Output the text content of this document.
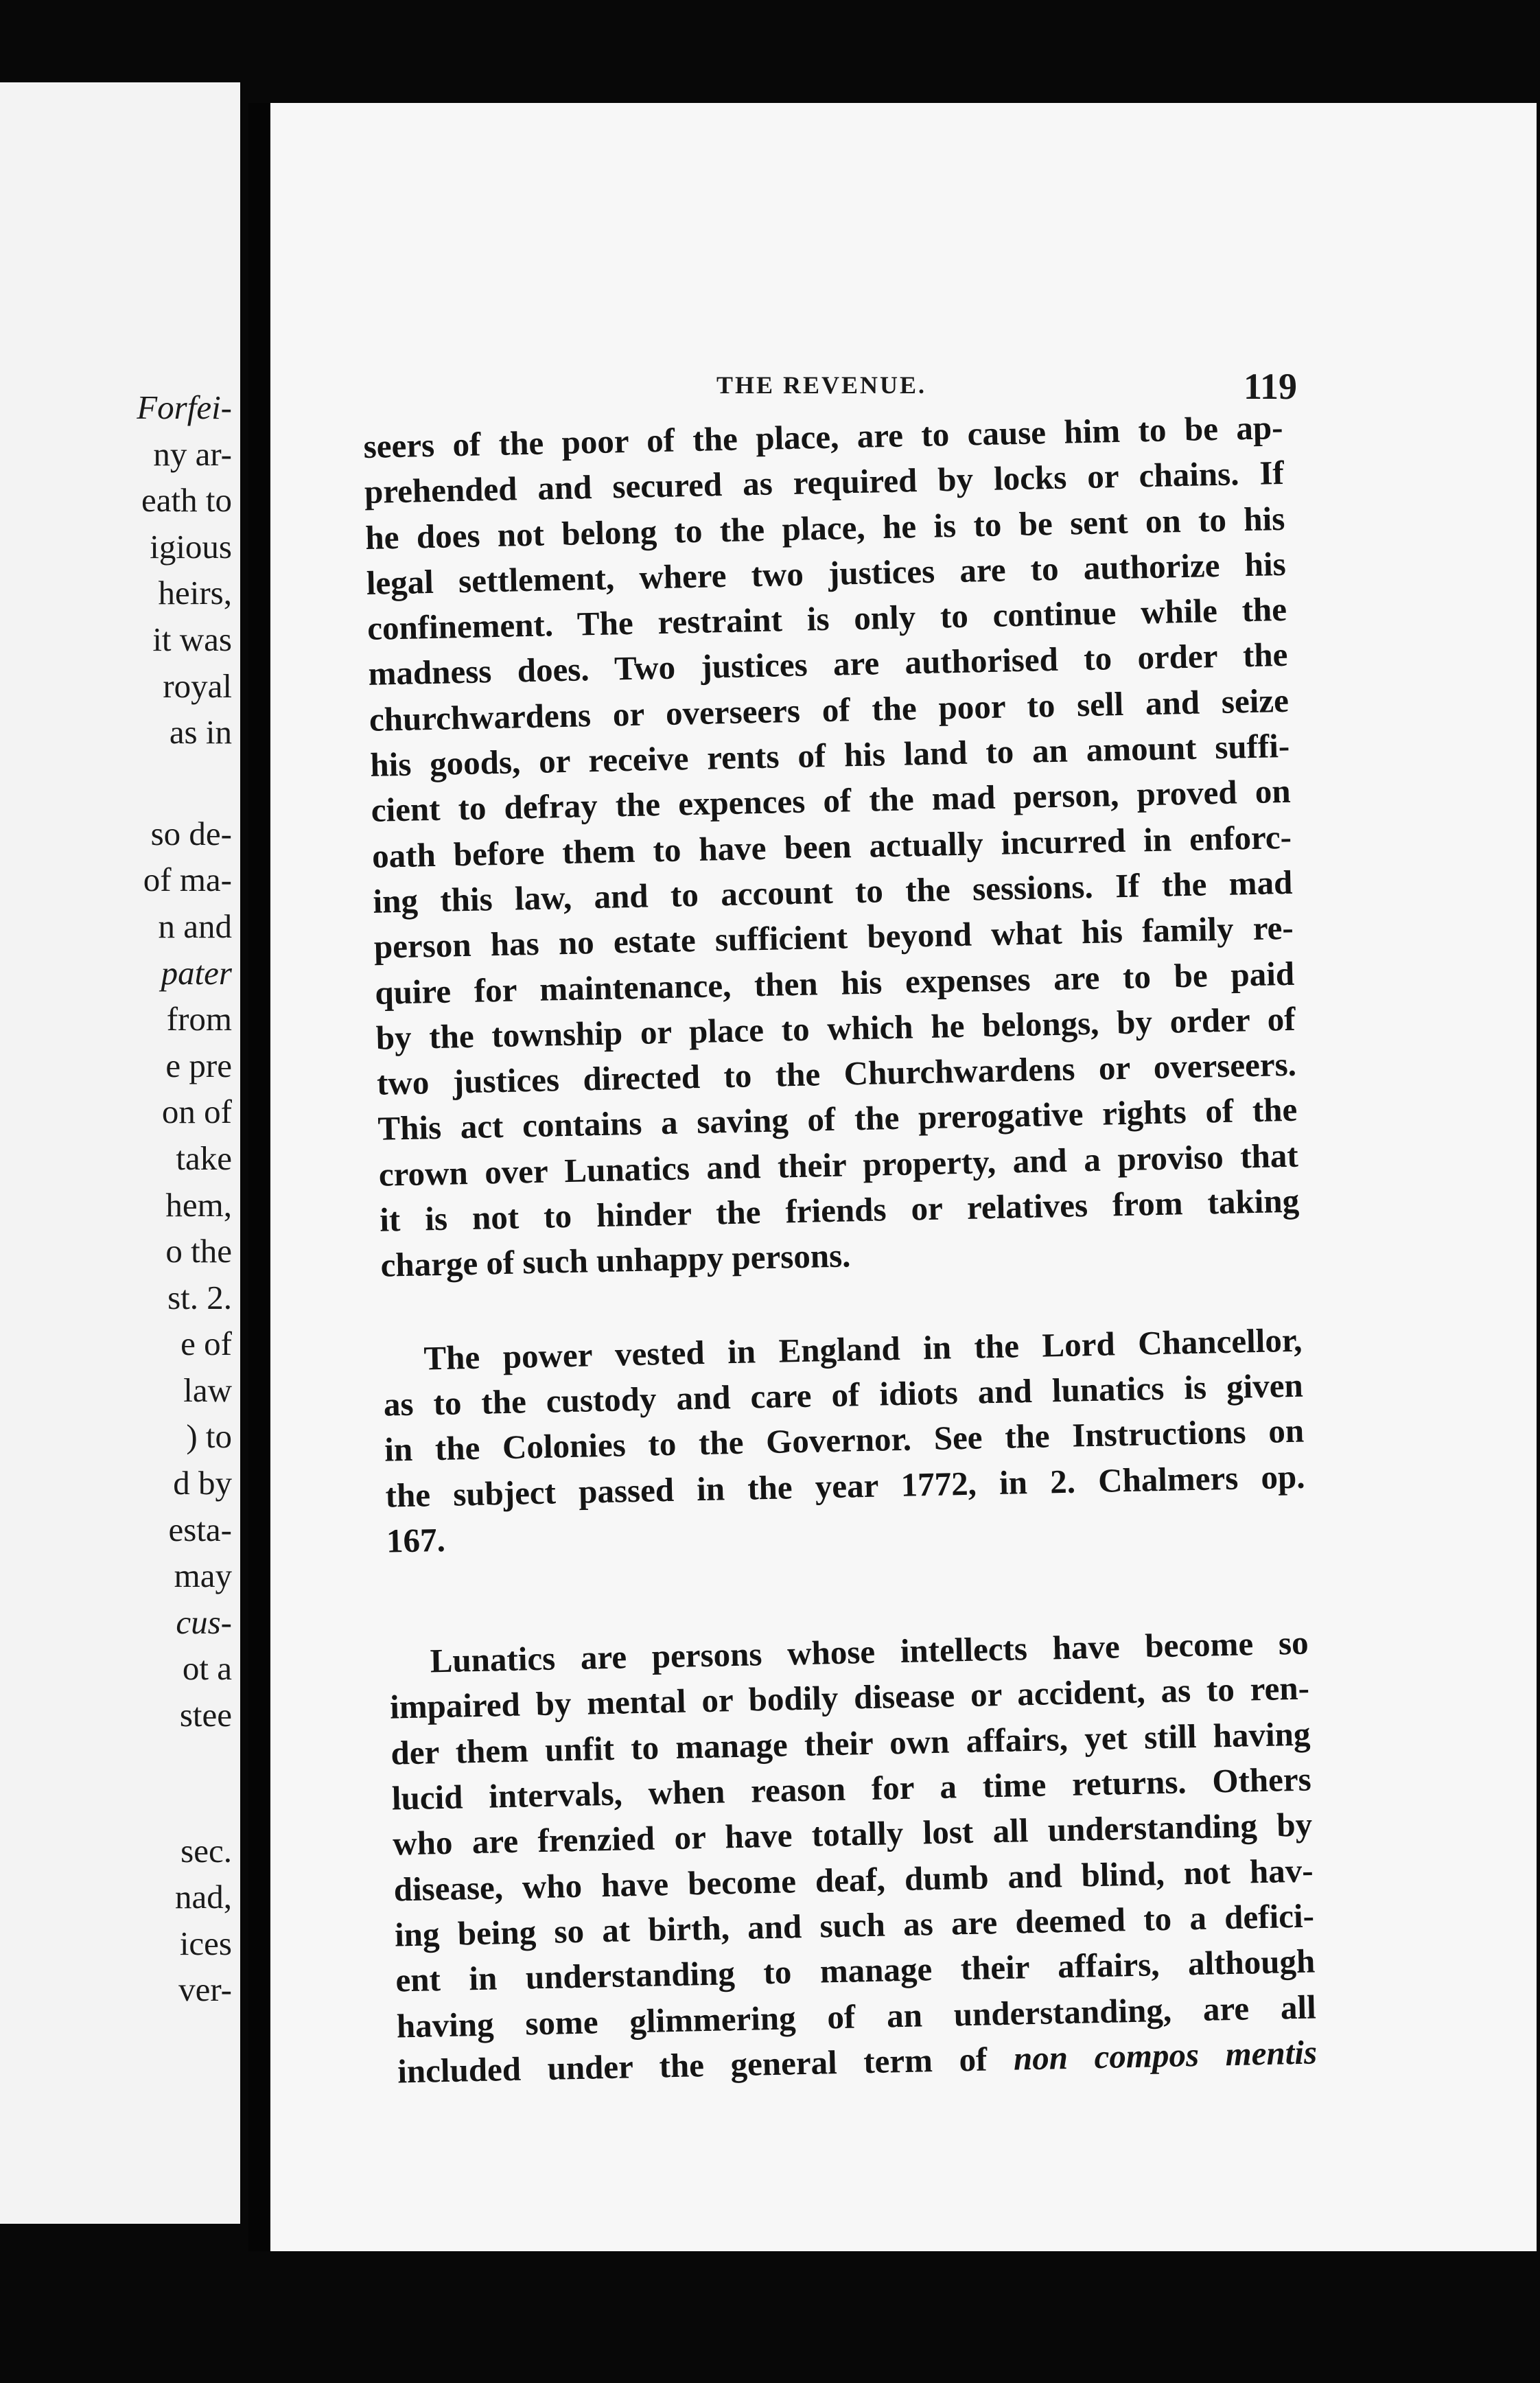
Forfei-
ny ar-
eath to
igious
heirs,
it was
royal
as in
so de-
of ma-
n and
pater
from
e pre
on of
take
hem,
o the
st. 2.
e of
law
) to
d by
esta-
may
cus-
ot a
stee
sec.
nad,
ices
ver-
THE REVENUE.	119
seers of the poor of the place, are to cause him to be ap-
prehended and secured as required by locks or chains. If
he does not belong to the place, he is to be sent on to his
legal settlement, where two justices are to authorize his
confinement. The restraint is only to continue while the
madness does. Two justices are authorised to order the
churchwardens or overseers of the poor to sell and seize
his goods, or receive rents of his land to an amount suffi-
cient to defray the expences of the mad person, proved on
oath before them to have been actually incurred in enforc-
ing this law, and to account to the sessions. If the mad
person has no estate sufficient beyond what his family re-
quire for maintenance, then his expenses are to be paid
by the township or place to which he belongs, by order of
two justices directed to the Churchwardens or overseers.
This act contains a saving of the prerogative rights of the
crown over Lunatics and their property, and a proviso that
it is not to hinder the friends or relatives from taking
charge of such unhappy persons.
The power vested in England in the Lord Chancellor,
as to the custody and care of idiots and lunatics is given
in the Colonies to the Governor. See the Instructions on
the subject passed in the year 1772, in 2. Chalmers op.
167.
Lunatics are persons whose intellects have become so
impaired by mental or bodily disease or accident, as to ren-
der them unfit to manage their own affairs, yet still having
lucid intervals, when reason for a time returns. Others
who are frenzied or have totally lost all understanding by
disease, who have become deaf, dumb and blind, not hav-
ing being so at birth, and such as are deemed to a defici-
ent in understanding to manage their affairs, although
having some glimmering of an understanding, are all
included under the general term of non compos mentis
